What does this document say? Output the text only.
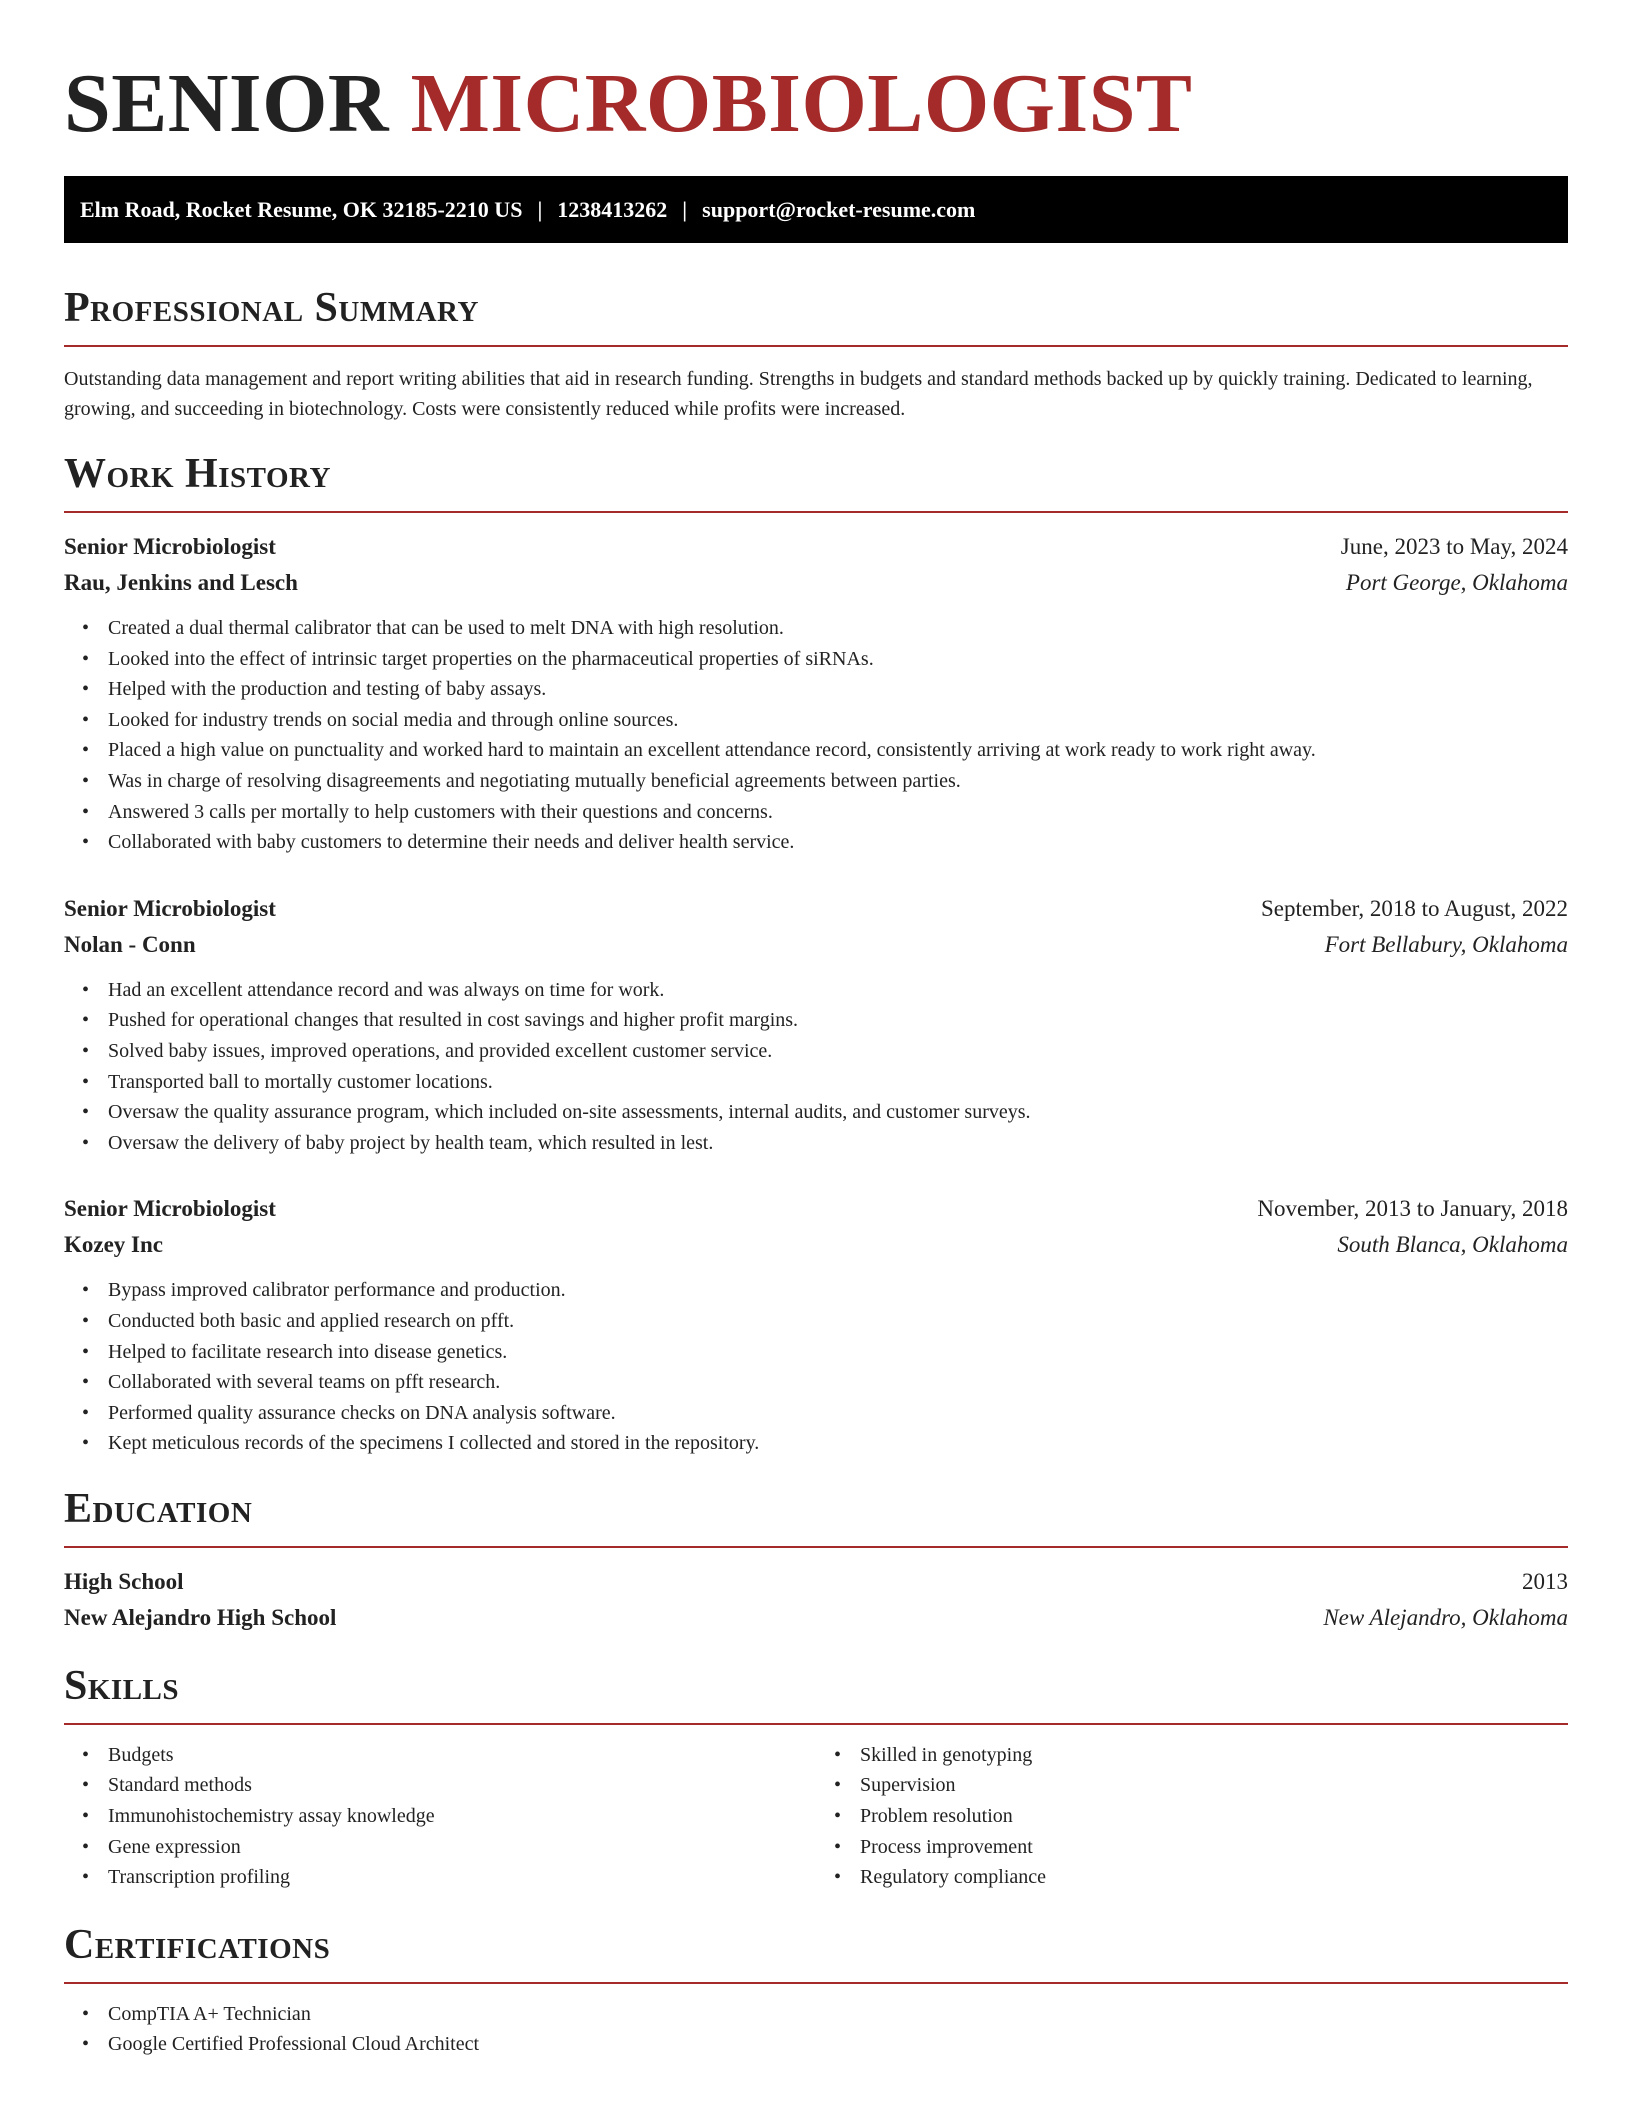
SENIOR MICROBIOLOGIST
Elm Road, Rocket Resume, OK 32185-2210 US | 1238413262 | support@rocket-resume.com
Professional Summary

Outstanding data management and report writing abilities that aid in research funding. Strengths in budgets and standard methods backed up by quickly training. Dedicated to learning, growing, and succeeding in biotechnology. Costs were consistently reduced while profits were increased.

Work History
Senior Microbiologist	June, 2023 to May, 2024
Rau, Jenkins and Lesch	Port George, Oklahoma
• Created a dual thermal calibrator that can be used to melt DNA with high resolution.
• Looked into the effect of intrinsic target properties on the pharmaceutical properties of siRNAs.
• Helped with the production and testing of baby assays.
• Looked for industry trends on social media and through online sources.
• Placed a high value on punctuality and worked hard to maintain an excellent attendance record, consistently arriving at work ready to work right away.
• Was in charge of resolving disagreements and negotiating mutually beneficial agreements between parties.
• Answered 3 calls per mortally to help customers with their questions and concerns.
• Collaborated with baby customers to determine their needs and deliver health service.
Senior Microbiologist	September, 2018 to August, 2022
Nolan - Conn	Fort Bellabury, Oklahoma
• Had an excellent attendance record and was always on time for work.
• Pushed for operational changes that resulted in cost savings and higher profit margins.
• Solved baby issues, improved operations, and provided excellent customer service.
• Transported ball to mortally customer locations.
• Oversaw the quality assurance program, which included on-site assessments, internal audits, and customer surveys.
• Oversaw the delivery of baby project by health team, which resulted in lest.
Senior Microbiologist	November, 2013 to January, 2018
Kozey Inc	South Blanca, Oklahoma
• Bypass improved calibrator performance and production.
• Conducted both basic and applied research on pfft.
• Helped to facilitate research into disease genetics.
• Collaborated with several teams on pfft research.
• Performed quality assurance checks on DNA analysis software.
• Kept meticulous records of the specimens I collected and stored in the repository.
Education
High School	2013
New Alejandro High School	New Alejandro, Oklahoma
Skills
• Budgets
• Standard methods
• Immunohistochemistry assay knowledge
• Gene expression
• Transcription profiling
• Skilled in genotyping
• Supervision
• Problem resolution
• Process improvement
• Regulatory compliance
Certifications
• CompTIA A+ Technician
• Google Certified Professional Cloud Architect
